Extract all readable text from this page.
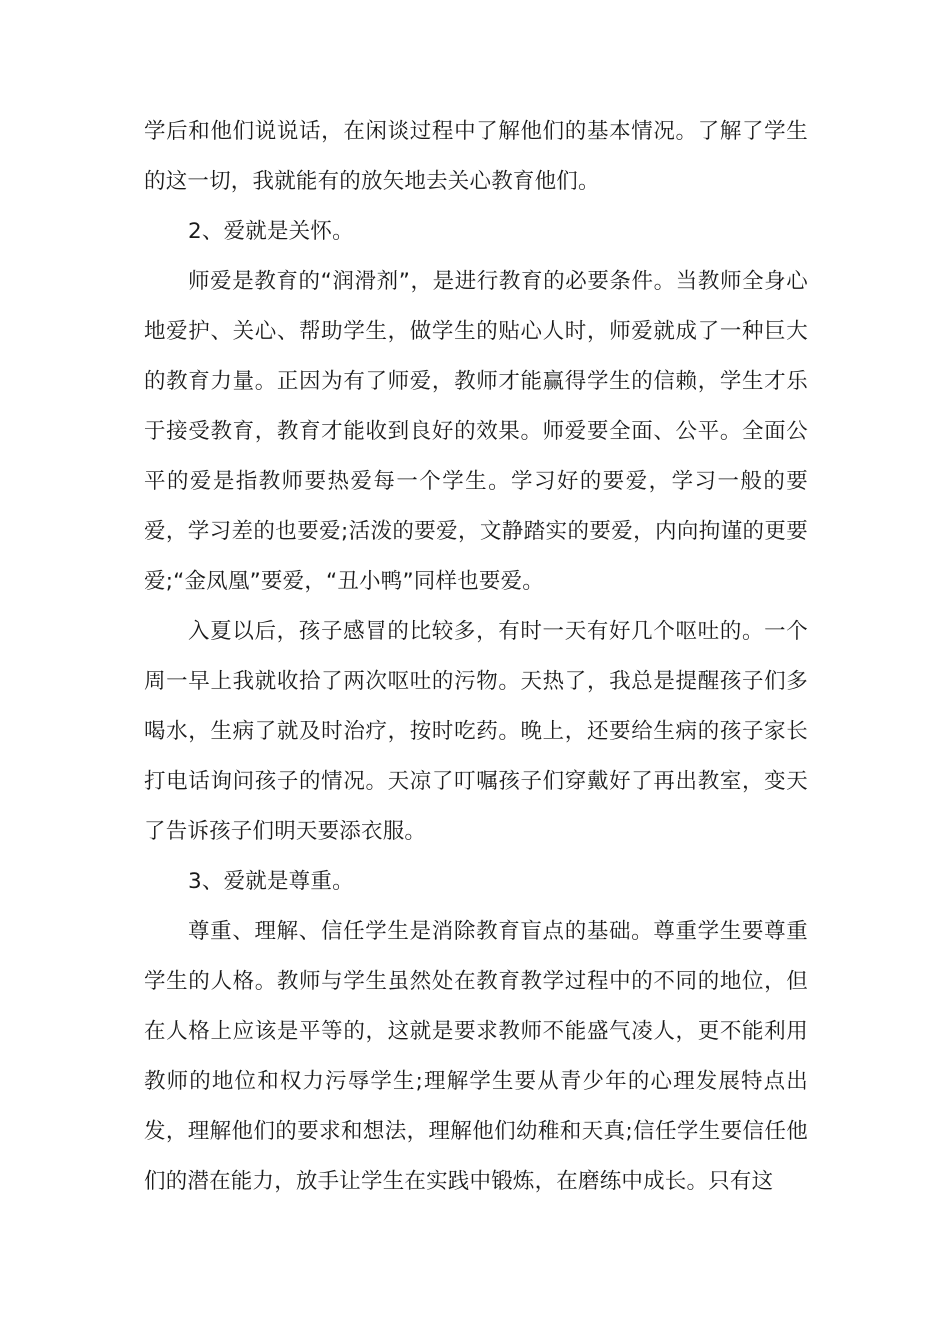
学后和他们说说话，在闲谈过程中了解他们的基本情况。了解了学生的这一切，我就能有的放矢地去关心教育他们。

2、爱就是关怀。

师爱是教育的“润滑剂”，是进行教育的必要条件。当教师全身心地爱护、关心、帮助学生，做学生的贴心人时，师爱就成了一种巨大的教育力量。正因为有了师爱，教师才能赢得学生的信赖，学生才乐于接受教育，教育才能收到良好的效果。师爱要全面、公平。全面公平的爱是指教师要热爱每一个学生。学习好的要爱，学习一般的要爱，学习差的也要爱;活泼的要爱，文静踏实的要爱，内向拘谨的更要爱;“金凤凰”要爱，“丑小鸭”同样也要爱。

入夏以后，孩子感冒的比较多，有时一天有好几个呕吐的。一个周一早上我就收拾了两次呕吐的污物。天热了，我总是提醒孩子们多喝水，生病了就及时治疗，按时吃药。晚上，还要给生病的孩子家长打电话询问孩子的情况。天凉了叮嘱孩子们穿戴好了再出教室，变天了告诉孩子们明天要添衣服。

3、爱就是尊重。

尊重、理解、信任学生是消除教育盲点的基础。尊重学生要尊重学生的人格。教师与学生虽然处在教育教学过程中的不同的地位，但在人格上应该是平等的，这就是要求教师不能盛气凌人，更不能利用教师的地位和权力污辱学生;理解学生要从青少年的心理发展特点出发，理解他们的要求和想法，理解他们幼稚和天真;信任学生要信任他们的潜在能力，放手让学生在实践中锻炼，在磨练中成长。只有这
